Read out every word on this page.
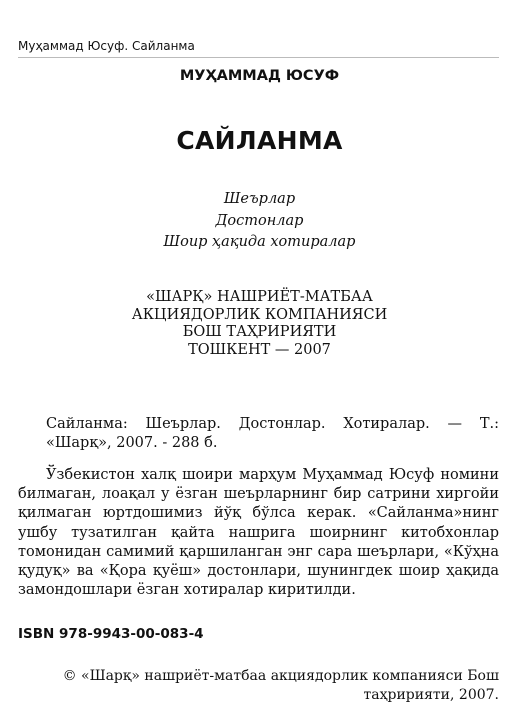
Муҳаммад Юсуф. Сайланма
МУҲАММАД ЮСУФ
САЙЛАНМА
Шеърлар
Достонлар
Шоир ҳақида хотиралар
«ШАРҚ» НАШРИЁТ-МАТБАА
АКЦИЯДОРЛИК КОМПАНИЯСИ
БОШ ТАҲРИРИЯТИ
ТОШКЕНТ — 2007
Сайланма: Шеърлар. Достонлар. Хотиралар. — Т.: «Шарқ», 2007. - 288 б.

Ўзбекистон халқ шоири марҳум Муҳаммад Юсуф номини билмаган, лоақал у ёзган шеърларнинг бир сатрини хиргойи қилмаган юртдошимиз йўқ бўлса керак. «Сайланма»нинг ушбу тузатилган қайта нашрига шоирнинг китобхонлар томонидан самимий қаршиланган энг сара шеърлари, «Кўҳна қудуқ» ва «Қора қуёш» достонлари, шунингдек шоир ҳақида замондошлари ёзган хотиралар киритилди.

ISBN 978-9943-00-083-4
© «Шарқ» нашриёт-матбаа акциядорлик компанияси Бош
таҳририяти, 2007.
